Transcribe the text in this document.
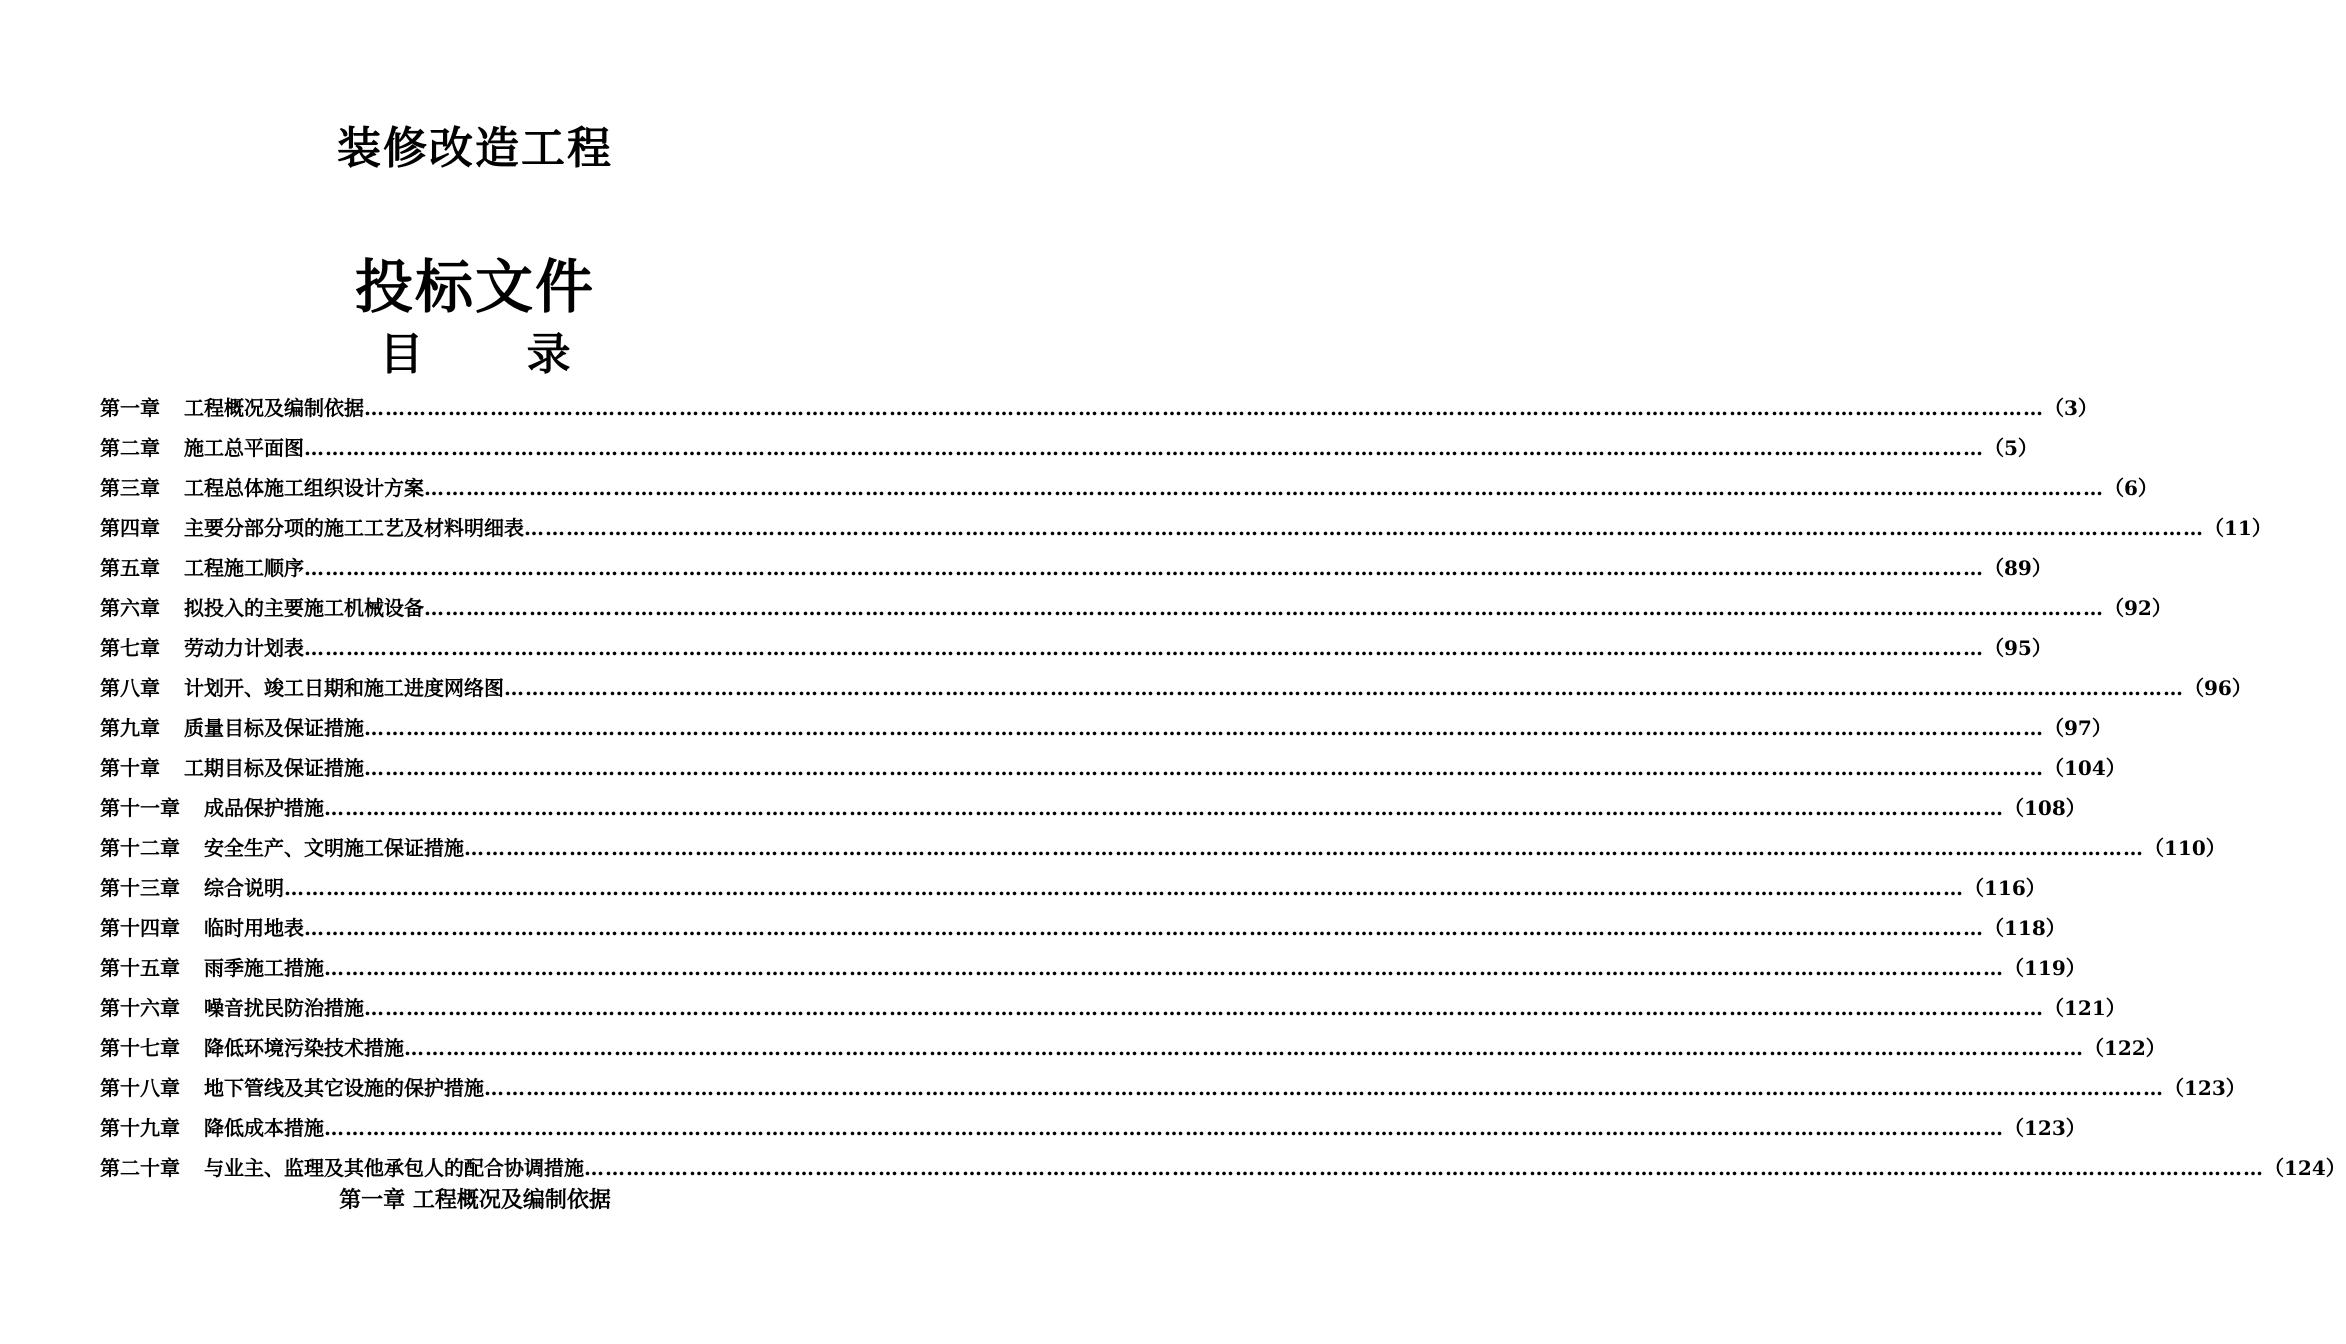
装修改造工程
投标文件
目 录
第一章 工程概况及编制依据 …………………………………………………………………………………………………………………………………………………………………………………………………………………… （3）
第二章 施工总平面图 …………………………………………………………………………………………………………………………………………………………………………………………………………………… （5）
第三章 工程总体施工组织设计方案 …………………………………………………………………………………………………………………………………………………………………………………………………………………… （6）
第四章 主要分部分项的施工工艺及材料明细表 …………………………………………………………………………………………………………………………………………………………………………………………………………………… （11）
第五章 工程施工顺序 …………………………………………………………………………………………………………………………………………………………………………………………………………………… （89）
第六章 拟投入的主要施工机械设备 …………………………………………………………………………………………………………………………………………………………………………………………………………………… （92）
第七章 劳动力计划表 …………………………………………………………………………………………………………………………………………………………………………………………………………………… （95）
第八章 计划开、竣工日期和施工进度网络图 …………………………………………………………………………………………………………………………………………………………………………………………………………………… （96）
第九章 质量目标及保证措施 …………………………………………………………………………………………………………………………………………………………………………………………………………………… （97）
第十章 工期目标及保证措施 …………………………………………………………………………………………………………………………………………………………………………………………………………………… （104）
第十一章 成品保护措施 …………………………………………………………………………………………………………………………………………………………………………………………………………………… （108）
第十二章 安全生产、文明施工保证措施 …………………………………………………………………………………………………………………………………………………………………………………………………………………… （110）
第十三章 综合说明 …………………………………………………………………………………………………………………………………………………………………………………………………………………… （116）
第十四章 临时用地表 …………………………………………………………………………………………………………………………………………………………………………………………………………………… （118）
第十五章 雨季施工措施 …………………………………………………………………………………………………………………………………………………………………………………………………………………… （119）
第十六章 噪音扰民防治措施 …………………………………………………………………………………………………………………………………………………………………………………………………………………… （121）
第十七章 降低环境污染技术措施 …………………………………………………………………………………………………………………………………………………………………………………………………………………… （122）
第十八章 地下管线及其它设施的保护措施 …………………………………………………………………………………………………………………………………………………………………………………………………………………… （123）
第十九章 降低成本措施 …………………………………………………………………………………………………………………………………………………………………………………………………………………… （123）
第二十章 与业主、监理及其他承包人的配合协调措施 …………………………………………………………………………………………………………………………………………………………………………………………………………………… （124）
第一章 工程概况及编制依据
